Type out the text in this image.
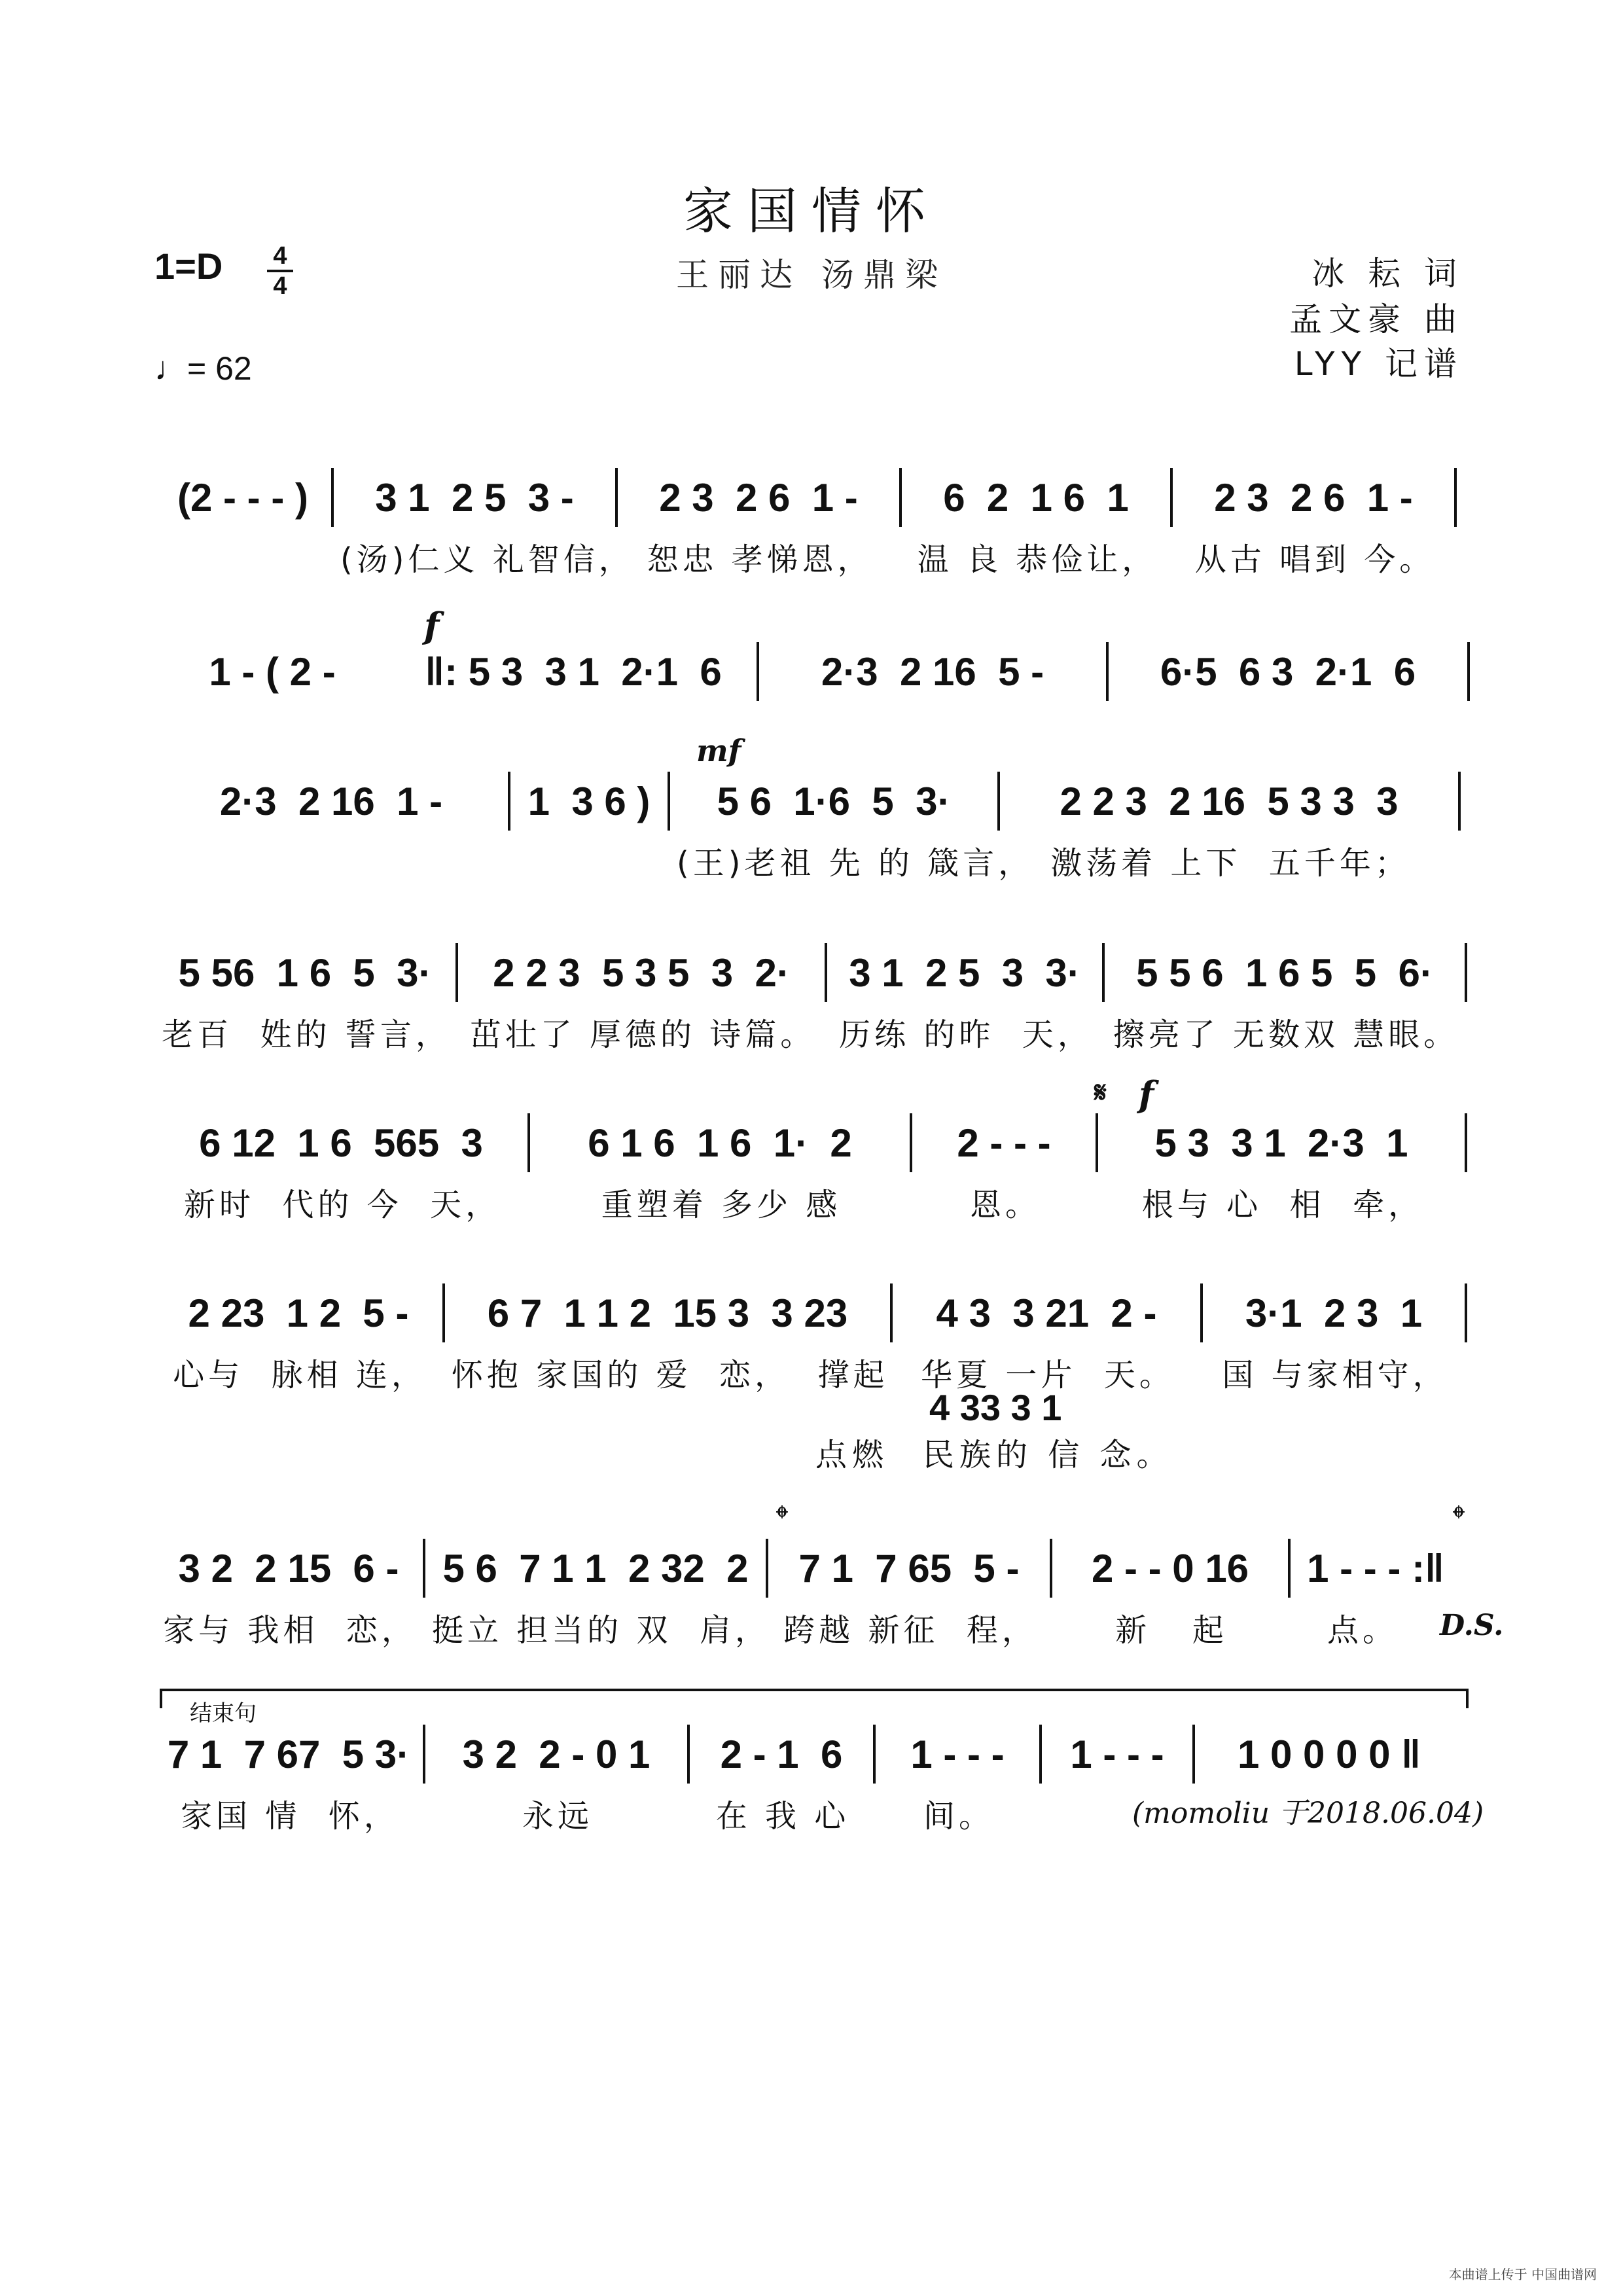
家国情怀
王丽达 汤鼎梁
1=D 4
4
♩= 62
冰 耘 词
孟文豪 曲
LYY 记谱
f
mf
f
𝄋
𝄌	𝄌
D.S.
(2 - - - )	3 1  2 5  3 -	2 3  2 6  1 -	6  2  1 6  1	2 3  2 6  1 -
(汤)仁义 礼智信， 恕忠 孝悌恩，	温 良 恭俭让，	从古 唱到 今。
1 - ( 2 -	‖: 5 3  3 1  2·1  6	2·3  2 16  5 -	6·5  6 3  2·1  6
2·3  2 16  1 -	1  3 6 )	5 6  1·6  5  3·	2 2 3  2 16  5 3 3  3
(王)老祖 先 的 箴言， 激荡着 上下  五千年；
5 56  1 6  5  3·	2 2 3  5 3 5  3  2·	3 1  2 5  3  3·	5 5 6  1 6 5  5  6·
老百  姓的 誓言， 茁壮了 厚德的 诗篇。 历练 的昨  天， 擦亮了 无数双 慧眼。
6 12  1 6  565  3	6 1 6  1 6  1·  2	2 - - -	5 3  3 1  2·3  1
新时  代的 今  天，	重塑着 多少 感	恩。	根与 心  相  牵，
2 23  1 2  5 -	6 7  1 1 2  15 3  3 23	4 3  3 21  2 -	3·1  2 3  1
心与  脉相 连， 怀抱 家国的 爱  恋，  撑起	华夏 一片  天。	国 与家相守，
4 33 3 1
点燃 民族的 信 念。
3 2  2 15  6 -	5 6  7 1 1  2 32  2	7 1  7 65  5 -	2 - - 0 16	1 - - - :‖
家与 我相  恋， 挺立 担当的 双  肩， 跨越 新征  程，	新   起	点。
结束句
7 1  7 67  5 3·	3 2  2 - 0 1	2 - 1  6	1 - - -	1 - - -	1 0 0 0 0 ‖
家国 情  怀，	永远	在 我 心	间。	(momoliu 于2018.06.04)
本曲谱上传于 中国曲谱网
